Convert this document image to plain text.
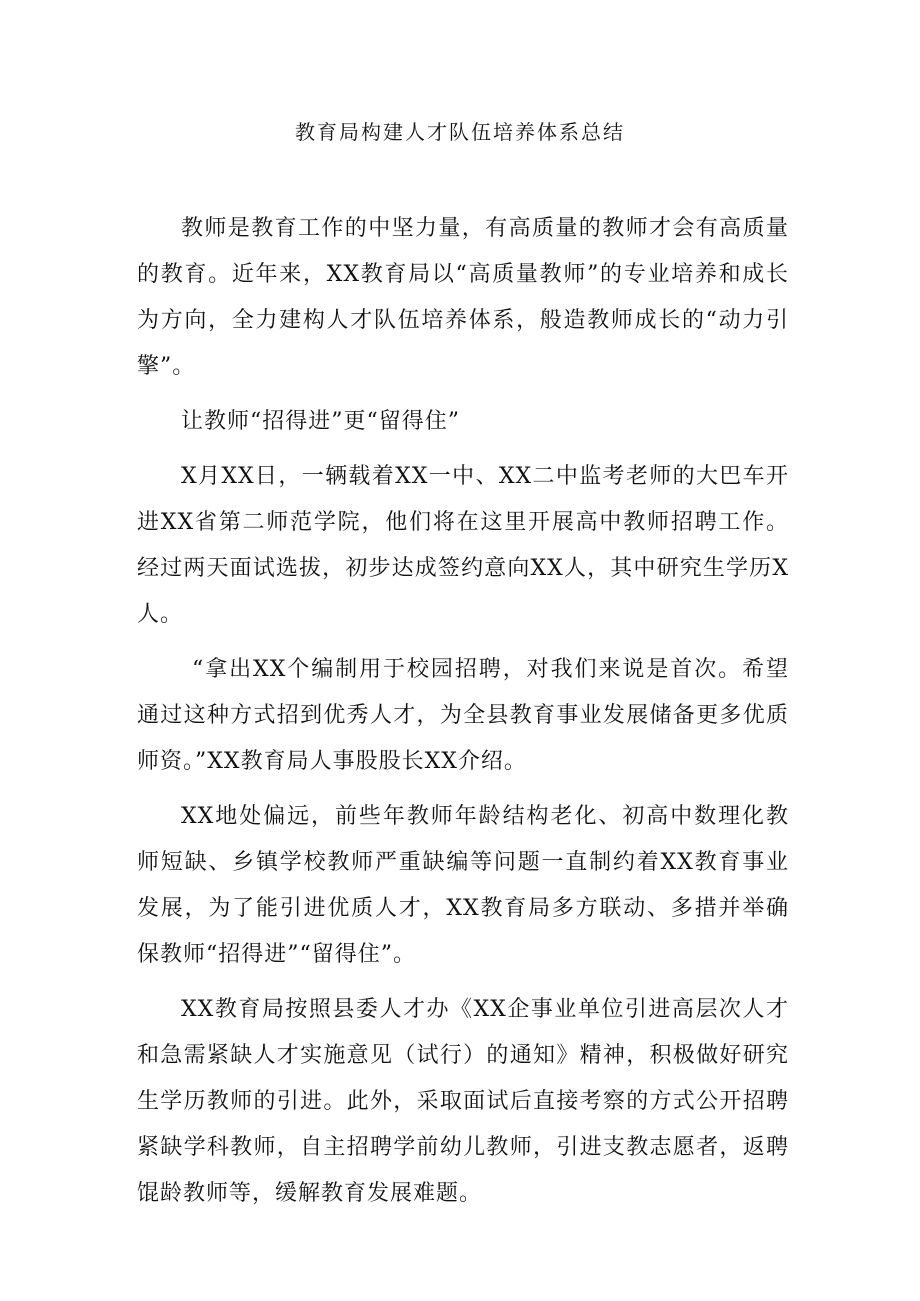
教育局构建人才队伍培养体系总结

教师是教育工作的中坚力量，有高质量的教师才会有高质量的教育。近年来，XX教育局以“高质量教师”的专业培养和成长为方向，全力建构人才队伍培养体系，般造教师成长的“动力引擎”。

让教师“招得进”更“留得住”

X月XX日，一辆载着XX一中、XX二中监考老师的大巴车开进XX省第二师范学院，他们将在这里开展高中教师招聘工作。经过两天面试选拔，初步达成签约意向XX人，其中研究生学历X人。

“拿出XX个编制用于校园招聘，对我们来说是首次。希望通过这种方式招到优秀人才，为全县教育事业发展储备更多优质师资。”XX教育局人事股股长XX介绍。

XX地处偏远，前些年教师年龄结构老化、初高中数理化教师短缺、乡镇学校教师严重缺编等问题一直制约着XX教育事业发展，为了能引进优质人才，XX教育局多方联动、多措并举确保教师“招得进”“留得住”。

XX教育局按照县委人才办《XX企事业单位引进高层次人才和急需紧缺人才实施意见（试行）的通知》精神，积极做好研究生学历教师的引进。此外，采取面试后直接考察的方式公开招聘紧缺学科教师，自主招聘学前幼儿教师，引进支教志愿者，返聘馄龄教师等，缓解教育发展难题。
